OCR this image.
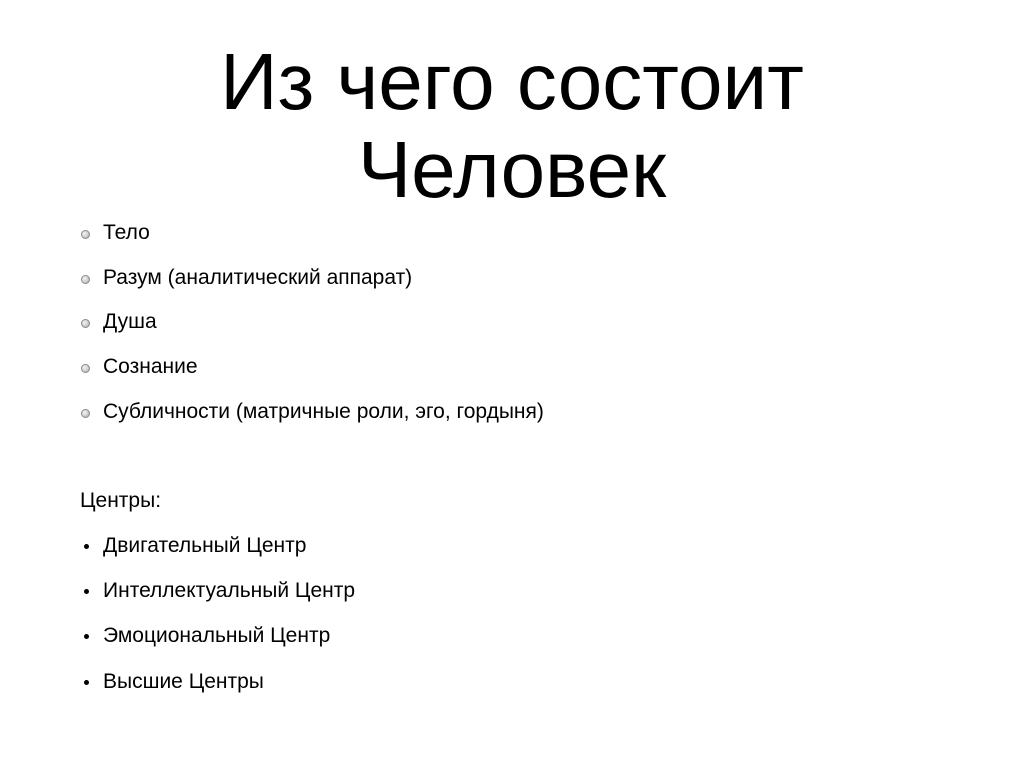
Из чего состоит
Человек
Тело
Разум (аналитический аппарат)
Душа
Сознание
Субличности (матричные роли, эго, гордыня)

Центры:

Двигательный Центр
Интеллектуальный Центр
Эмоциональный Центр
Высшие Центры
